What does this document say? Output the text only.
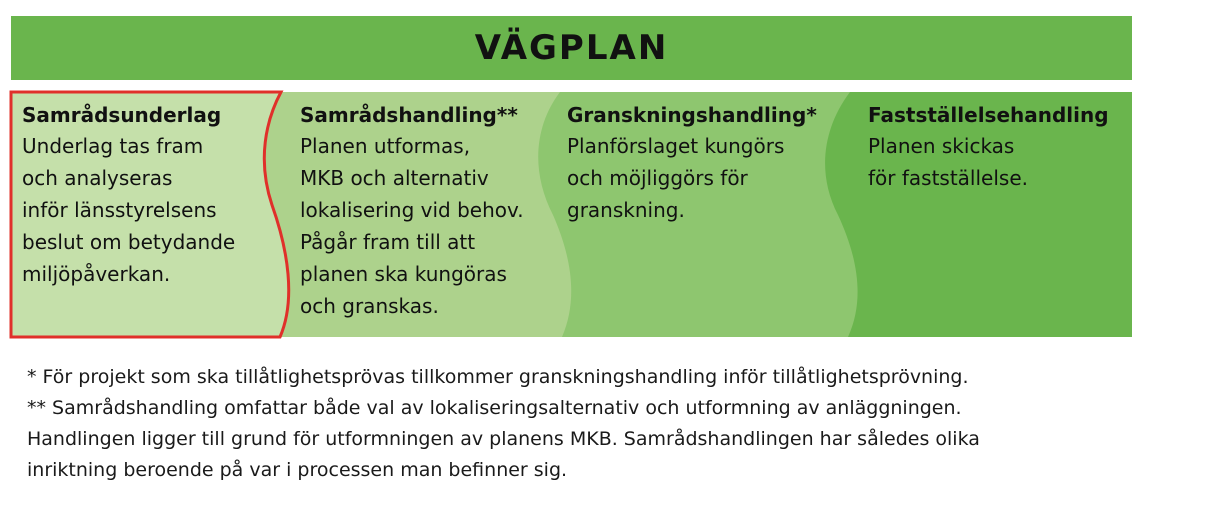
VÄGPLAN
Samrådsunderlag
Underlag tas fram
och analyseras
inför länsstyrelsens
beslut om betydande
miljöpåverkan.
Samrådshandling**
Planen utformas,
MKB och alternativ
lokalisering vid behov.
Pågår fram till att
planen ska kungöras
och granskas.
Granskningshandling*
Planförslaget kungörs
och möjliggörs för
granskning.
Fastställelsehandling
Planen skickas
för fastställelse.
* För projekt som ska tillåtlighetsprövas tillkommer granskningshandling inför tillåtlighetsprövning.
** Samrådshandling omfattar både val av lokaliseringsalternativ och utformning av anläggningen.
Handlingen ligger till grund för utformningen av planens MKB. Samrådshandlingen har således olika
inriktning beroende på var i processen man befinner sig.
